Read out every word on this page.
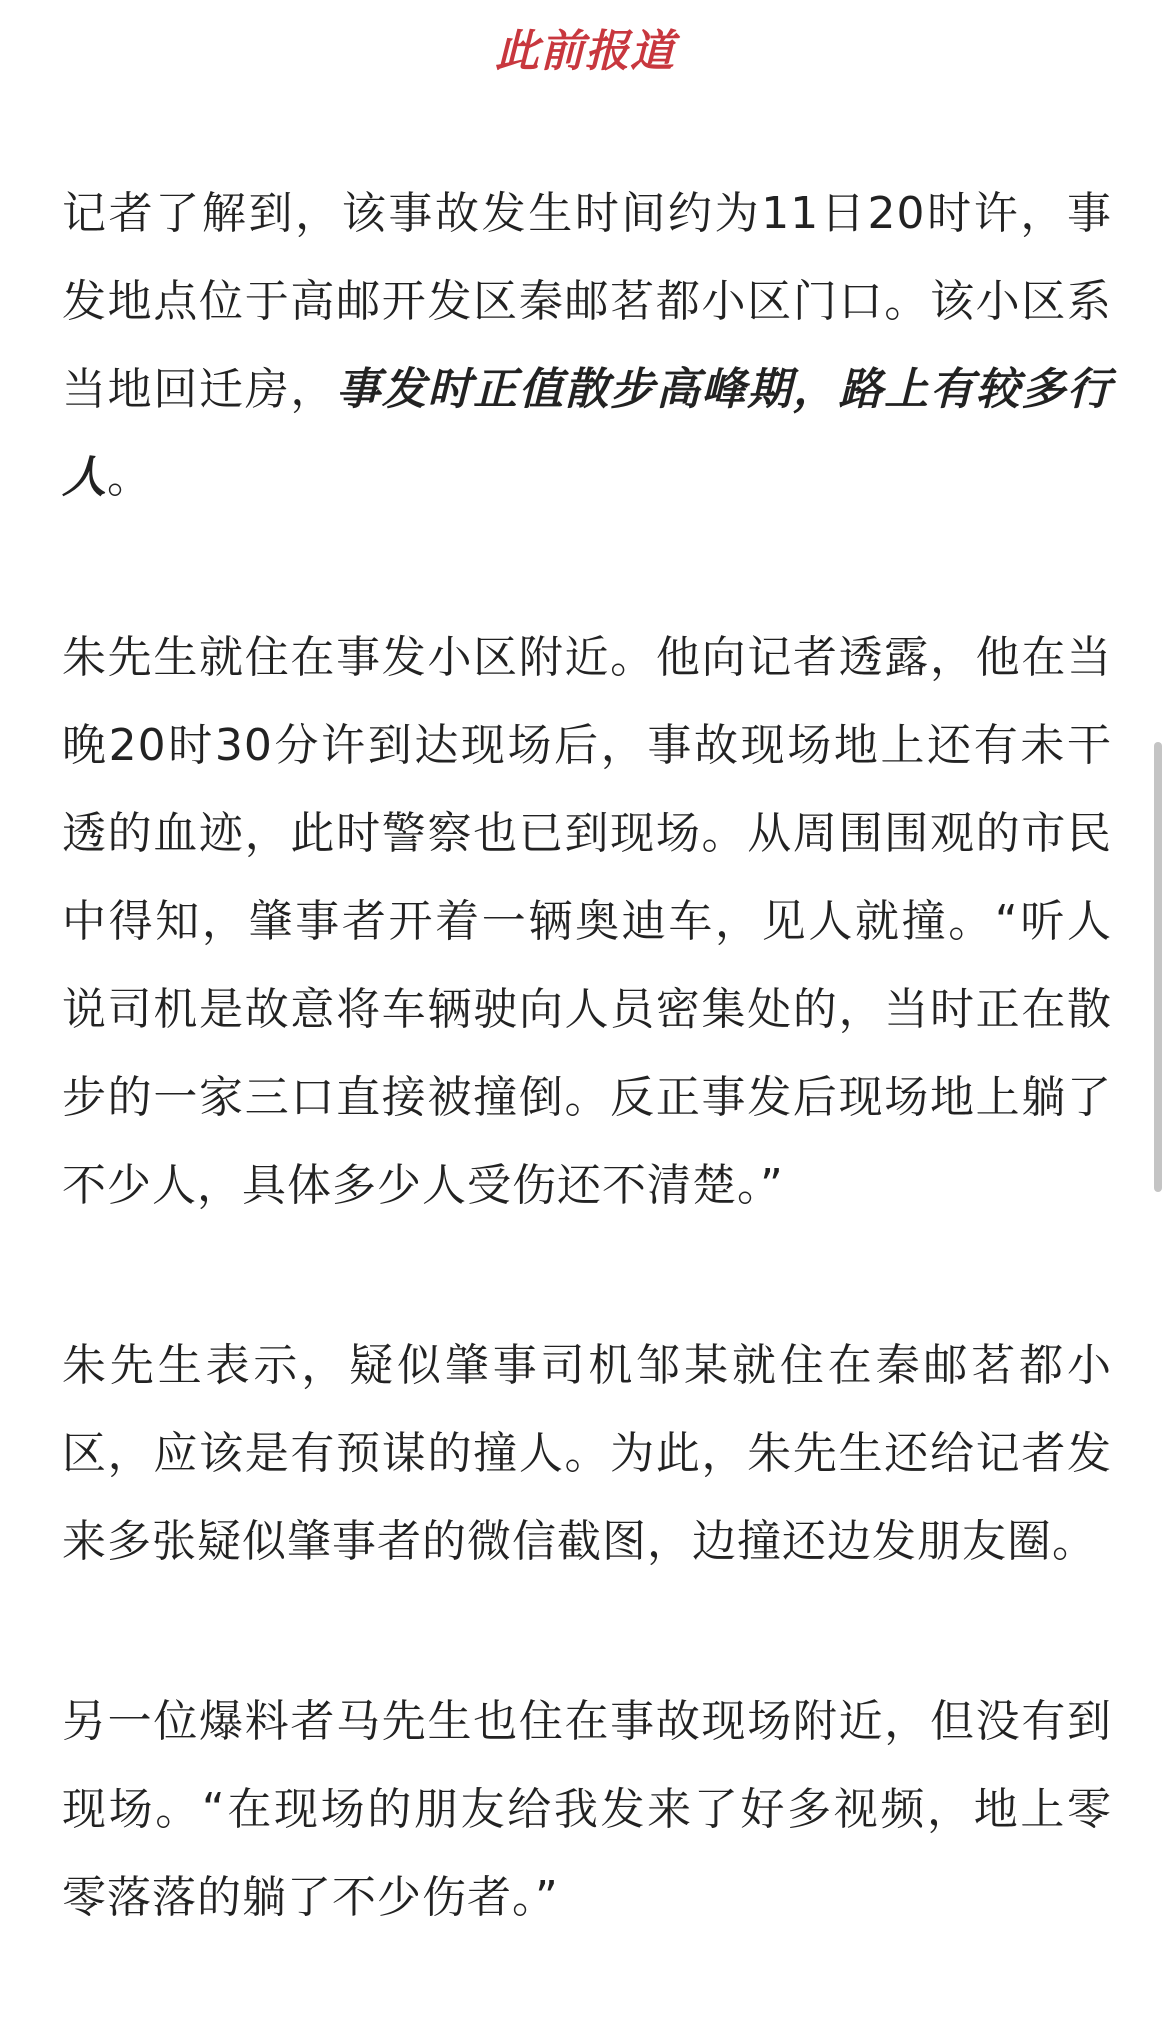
此前报道

记者了解到，该事故发生时间约为11日20时许，事发地点位于高邮开发区秦邮茗都小区门口。该小区系当地回迁房，事发时正值散步高峰期，路上有较多行人。

朱先生就住在事发小区附近。他向记者透露，他在当晚20时30分许到达现场后，事故现场地上还有未干透的血迹，此时警察也已到现场。从周围围观的市民中得知，肇事者开着一辆奥迪车，见人就撞。“听人说司机是故意将车辆驶向人员密集处的，当时正在散步的一家三口直接被撞倒。反正事发后现场地上躺了不少人，具体多少人受伤还不清楚。”

朱先生表示，疑似肇事司机邹某就住在秦邮茗都小区，应该是有预谋的撞人。为此，朱先生还给记者发来多张疑似肇事者的微信截图，边撞还边发朋友圈。

另一位爆料者马先生也住在事故现场附近，但没有到现场。“在现场的朋友给我发来了好多视频，地上零零落落的躺了不少伤者。”
